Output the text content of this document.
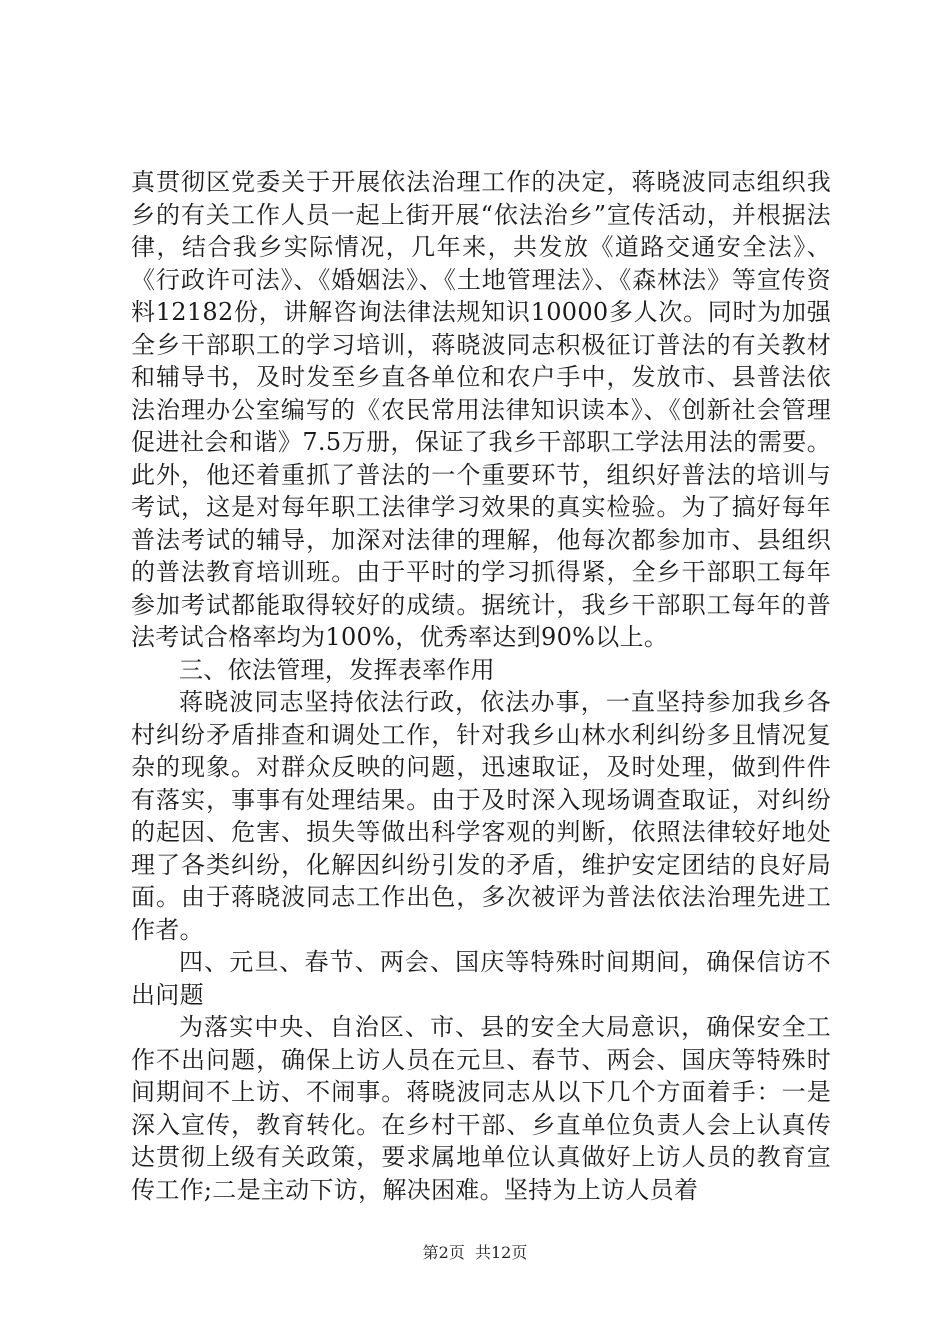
真贯彻区党委关于开展依法治理工作的决定，蒋晓波同志组织我乡的有关工作人员一起上街开展“依法治乡”宣传活动，并根据法律，结合我乡实际情况，几年来，共发放《道路交通安全法》、《行政许可法》、《婚姻法》、《土地管理法》、《森林法》等宣传资料12182份，讲解咨询法律法规知识10000多人次。同时为加强全乡干部职工的学习培训，蒋晓波同志积极征订普法的有关教材和辅导书，及时发至乡直各单位和农户手中，发放市、县普法依法治理办公室编写的《农民常用法律知识读本》、《创新社会管理促进社会和谐》7.5万册，保证了我乡干部职工学法用法的需要。此外，他还着重抓了普法的一个重要环节，组织好普法的培训与考试，这是对每年职工法律学习效果的真实检验。为了搞好每年普法考试的辅导，加深对法律的理解，他每次都参加市、县组织的普法教育培训班。由于平时的学习抓得紧，全乡干部职工每年参加考试都能取得较好的成绩。据统计，我乡干部职工每年的普法考试合格率均为100%，优秀率达到90%以上。

三、依法管理，发挥表率作用

蒋晓波同志坚持依法行政，依法办事，一直坚持参加我乡各村纠纷矛盾排查和调处工作，针对我乡山林水利纠纷多且情况复杂的现象。对群众反映的问题，迅速取证，及时处理，做到件件有落实，事事有处理结果。由于及时深入现场调查取证，对纠纷的起因、危害、损失等做出科学客观的判断，依照法律较好地处理了各类纠纷，化解因纠纷引发的矛盾，维护安定团结的良好局面。由于蒋晓波同志工作出色，多次被评为普法依法治理先进工作者。

四、元旦、春节、两会、国庆等特殊时间期间，确保信访不出问题

为落实中央、自治区、市、县的安全大局意识，确保安全工作不出问题，确保上访人员在元旦、春节、两会、国庆等特殊时间期间不上访、不闹事。蒋晓波同志从以下几个方面着手：一是深入宣传，教育转化。在乡村干部、乡直单位负责人会上认真传达贯彻上级有关政策，要求属地单位认真做好上访人员的教育宣传工作;二是主动下访，解决困难。坚持为上访人员着

第2页  共12页
